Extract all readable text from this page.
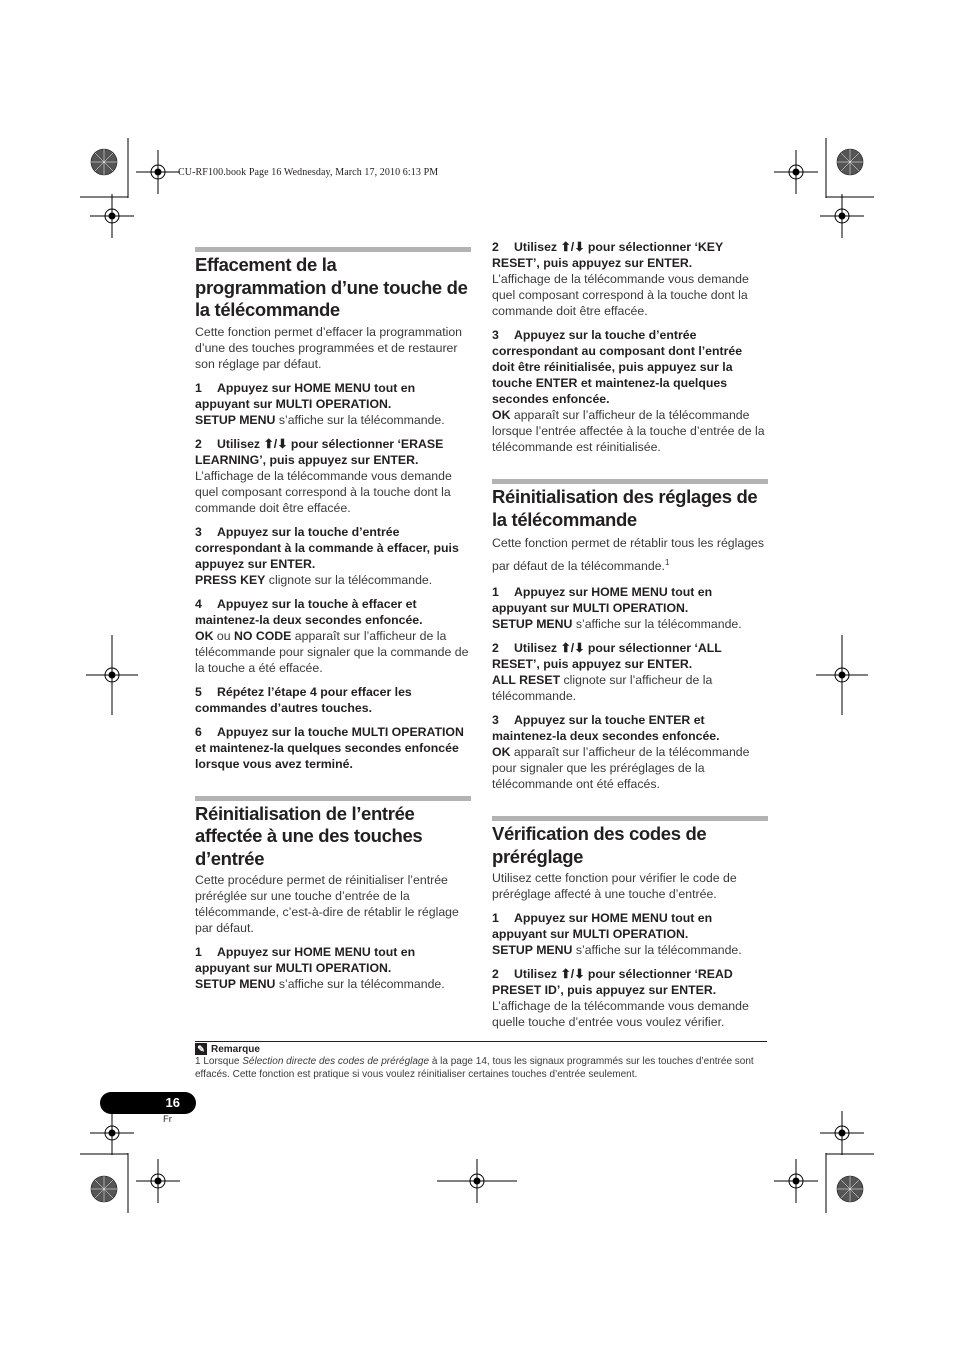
CU-RF100.book Page 16 Wednesday, March 17, 2010 6:13 PM
Effacement de la programmation d’une touche de la télécommande

Cette fonction permet d’effacer la programmation d’une des touches programmées et de restaurer son réglage par défaut.

1 Appuyez sur HOME MENU tout en appuyant sur MULTI OPERATION.

SETUP MENU s’affiche sur la télécommande.

2 Utilisez ⬆/⬇ pour sélectionner ‘ERASE LEARNING’, puis appuyez sur ENTER.

L’affichage de la télécommande vous demande quel composant correspond à la touche dont la commande doit être effacée.

3 Appuyez sur la touche d’entrée correspondant à la commande à effacer, puis appuyez sur ENTER.

PRESS KEY clignote sur la télécommande.

4 Appuyez sur la touche à effacer et maintenez-la deux secondes enfoncée.

OK ou NO CODE apparaît sur l’afficheur de la télécommande pour signaler que la commande de la touche a été effacée.

5 Répétez l’étape 4 pour effacer les commandes d’autres touches.

6 Appuyez sur la touche MULTI OPERATION et maintenez-la quelques secondes enfoncée lorsque vous avez terminé.

Réinitialisation de l’entrée affectée à une des touches d’entrée

Cette procédure permet de réinitialiser l’entrée préréglée sur une touche d’entrée de la télécommande, c’est-à-dire de rétablir le réglage par défaut.

1 Appuyez sur HOME MENU tout en appuyant sur MULTI OPERATION.

SETUP MENU s’affiche sur la télécommande.

2 Utilisez ⬆/⬇ pour sélectionner ‘KEY RESET’, puis appuyez sur ENTER.

L’affichage de la télécommande vous demande quel composant correspond à la touche dont la commande doit être effacée.

3 Appuyez sur la touche d’entrée correspondant au composant dont l’entrée doit être réinitialisée, puis appuyez sur la touche ENTER et maintenez-la quelques secondes enfoncée.

OK apparaît sur l’afficheur de la télécommande lorsque l’entrée affectée à la touche d’entrée de la télécommande est réinitialisée.

Réinitialisation des réglages de la télécommande

Cette fonction permet de rétablir tous les réglages par défaut de la télécommande.$^1$

1 Appuyez sur HOME MENU tout en appuyant sur MULTI OPERATION.

SETUP MENU s’affiche sur la télécommande.

2 Utilisez ⬆/⬇ pour sélectionner ‘ALL RESET’, puis appuyez sur ENTER.

ALL RESET clignote sur l’afficheur de la télécommande.

3 Appuyez sur la touche ENTER et maintenez-la deux secondes enfoncée.

OK apparaît sur l’afficheur de la télécommande pour signaler que les préréglages de la télécommande ont été effacés.

Vérification des codes de préréglage

Utilisez cette fonction pour vérifier le code de préréglage affecté à une touche d’entrée.

1 Appuyez sur HOME MENU tout en appuyant sur MULTI OPERATION.

SETUP MENU s’affiche sur la télécommande.

2 Utilisez ⬆/⬇ pour sélectionner ‘READ PRESET ID’, puis appuyez sur ENTER.

L’affichage de la télécommande vous demande quelle touche d’entrée vous voulez vérifier.

✎ Remarque
1 Lorsque Sélection directe des codes de préréglage à la page 14, tous les signaux programmés sur les touches d’entrée sont effacés. Cette fonction est pratique si vous voulez réinitialiser certaines touches d’entrée seulement.
16
Fr
